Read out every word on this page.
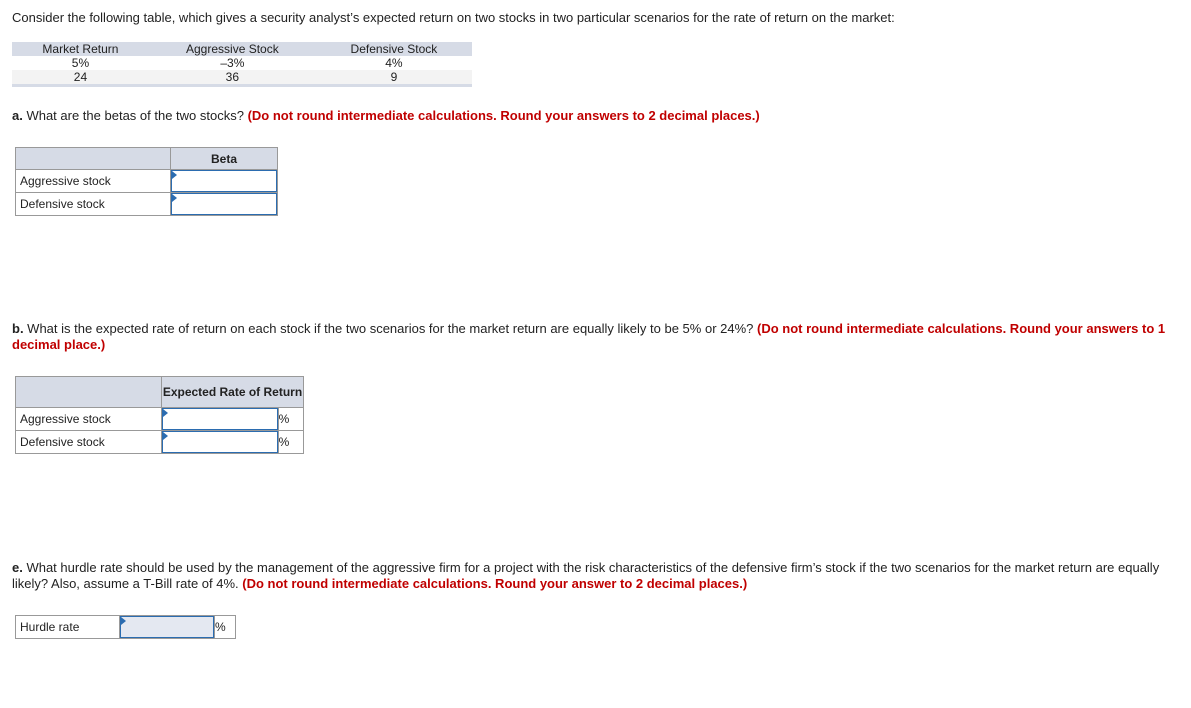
Consider the following table, which gives a security analyst’s expected return on two stocks in two particular scenarios for the rate of return on the market:
Market Return	Aggressive Stock	Defensive Stock
5%	–3%	4%
24	36	9
a. What are the betas of the two stocks? (Do not round intermediate calculations. Round your answers to 2 decimal places.)
	Beta
Aggressive stock	

Defensive stock	
b. What is the expected rate of return on each stock if the two scenarios for the market return are equally likely to be 5% or 24%? (Do not round intermediate calculations. Round your answers to 1 decimal place.)
	Expected Rate of Return	
Aggressive stock		%
Defensive stock		%
e. What hurdle rate should be used by the management of the aggressive firm for a project with the risk characteristics of the defensive firm’s stock if the two scenarios for the market return are equally likely? Also, assume a T-Bill rate of 4%. (Do not round intermediate calculations. Round your answer to 2 decimal places.)
Hurdle rate		%
